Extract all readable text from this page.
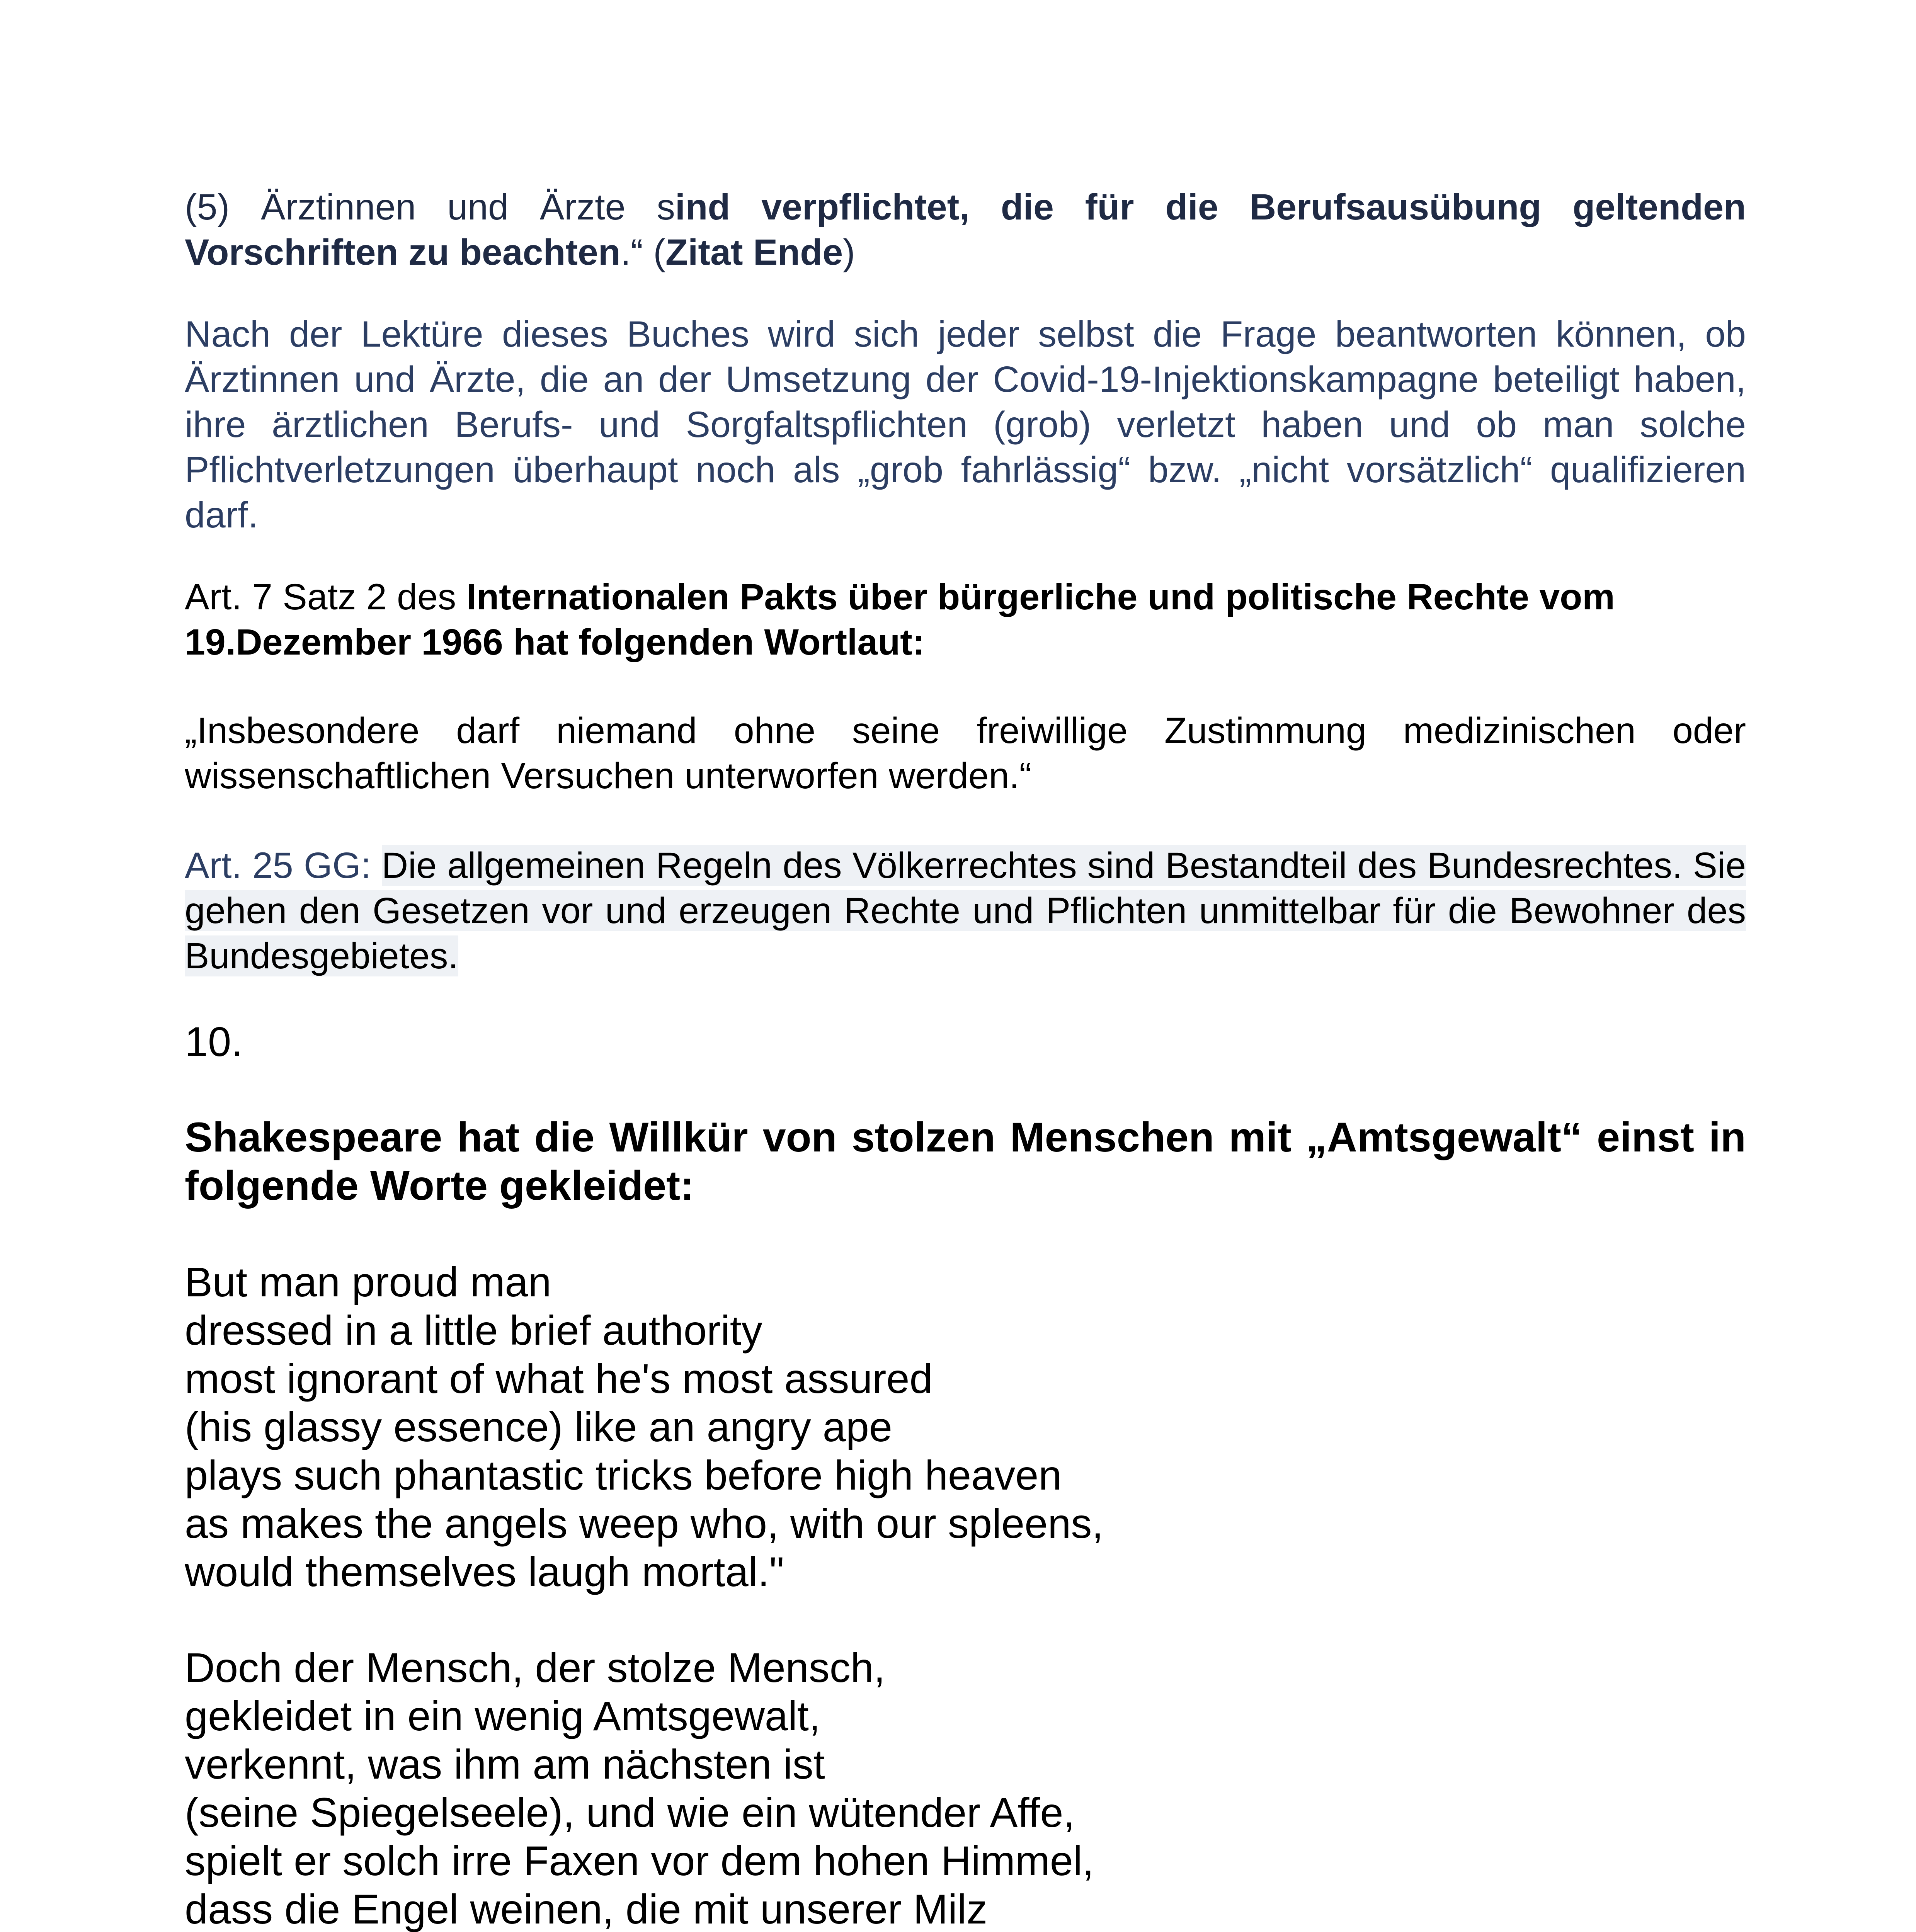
(5) Ärztinnen und Ärzte sind verpflichtet, die für die Berufsausübung geltenden Vorschriften zu beachten.“ (Zitat Ende)

Nach der Lektüre dieses Buches wird sich jeder selbst die Frage beantworten können, ob Ärztinnen und Ärzte, die an der Umsetzung der Covid-19-Injektionskampagne beteiligt haben, ihre ärztlichen Berufs- und Sorgfaltspflichten (grob) verletzt haben und ob man solche Pflichtverletzungen überhaupt noch als „grob fahrlässig“ bzw. „nicht vorsätzlich“ qualifizieren darf.

Art. 7 Satz 2 des Internationalen Pakts über bürgerliche und politische Rechte vom 19.Dezember 1966 hat folgenden Wortlaut:

„Insbesondere darf niemand ohne seine freiwillige Zustimmung medizinischen oder wissenschaftlichen Versuchen unterworfen werden.“

Art. 25 GG: Die allgemeinen Regeln des Völkerrechtes sind Bestandteil des Bundesrechtes. Sie gehen den Gesetzen vor und erzeugen Rechte und Pflichten unmittelbar für die Bewohner des Bundesgebietes.

10.

Shakespeare hat die Willkür von stolzen Menschen mit „Amtsgewalt“ einst in folgende Worte gekleidet:

But man proud man
dressed in a little brief authority
most ignorant of what he's most assured
(his glassy essence) like an angry ape
plays such phantastic tricks before high heaven
as makes the angels weep who, with our spleens,
would themselves laugh mortal."
Doch der Mensch, der stolze Mensch,
gekleidet in ein wenig Amtsgewalt,
verkennt, was ihm am nächsten ist
(seine Spiegelseele), und wie ein wütender Affe,
spielt er solch irre Faxen vor dem hohen Himmel,
dass die Engel weinen, die mit unserer Milz
